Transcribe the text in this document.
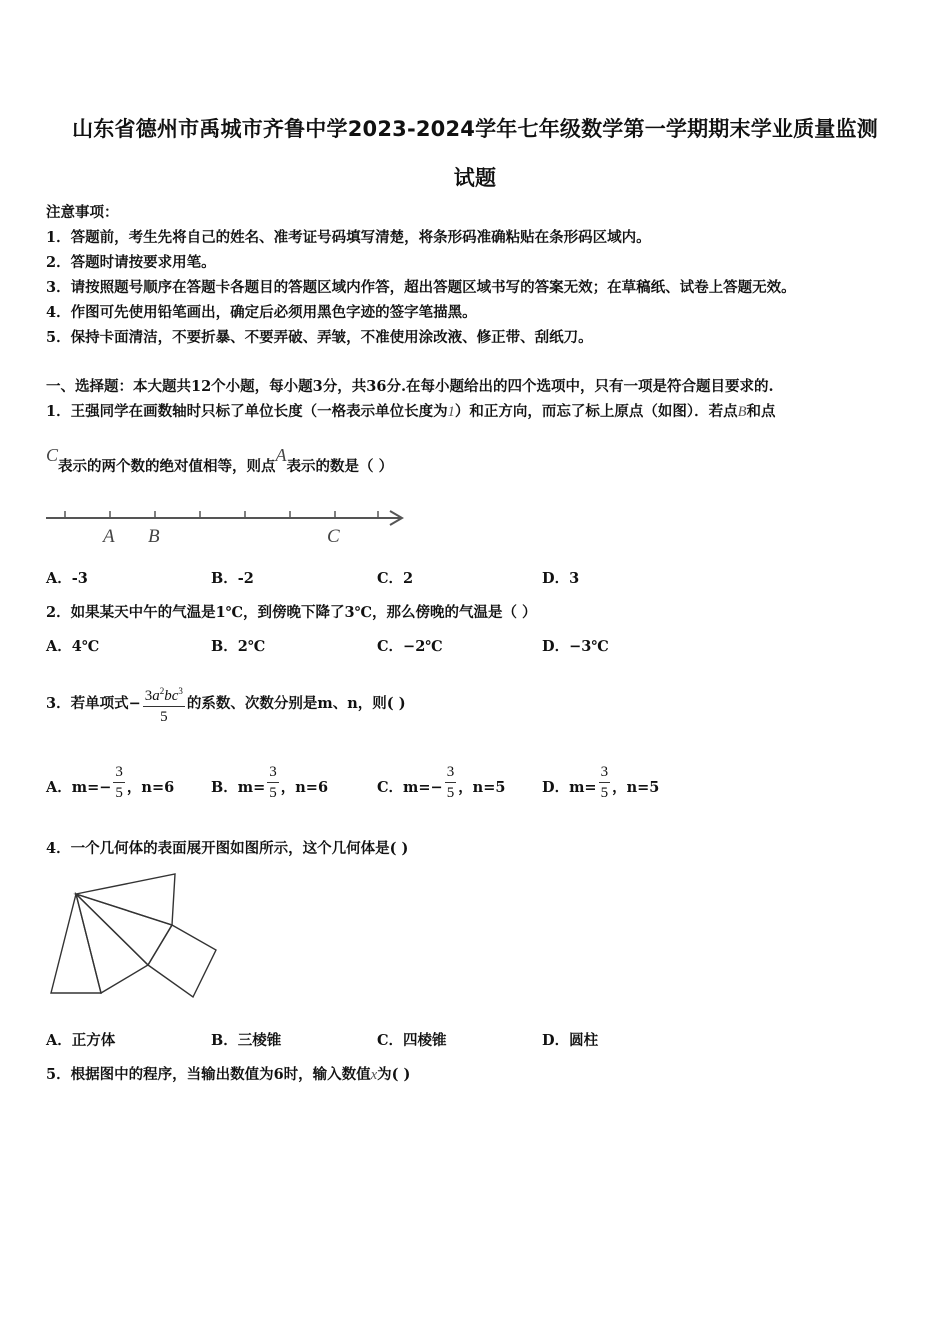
山东省德州市禹城市齐鲁中学2023-2024学年七年级数学第一学期期末学业质量监测
试题
注意事项：
1．答题前，考生先将自己的姓名、准考证号码填写清楚，将条形码准确粘贴在条形码区域内。
2．答题时请按要求用笔。
3．请按照题号顺序在答题卡各题目的答题区域内作答，超出答题区域书写的答案无效；在草稿纸、试卷上答题无效。
4．作图可先使用铅笔画出，确定后必须用黑色字迹的签字笔描黑。
5．保持卡面清洁，不要折暴、不要弄破、弄皱，不准使用涂改液、修正带、刮纸刀。
一、选择题：本大题共12个小题，每小题3分，共36分.在每小题给出的四个选项中，只有一项是符合题目要求的.
1．王强同学在画数轴时只标了单位长度（一格表示单位长度为1）和正方向，而忘了标上原点（如图）．若点B和点
C表示的两个数的绝对值相等，则点A表示的数是（ ）
A B	C
A．-3	B．-2	C．2	D．3
2．如果某天中午的气温是1℃，到傍晚下降了3℃，那么傍晚的气温是（ ）
A．4℃	B．2℃	C．−2℃	D．−3℃
3．若单项式− $\frac{3a^2bc^3}{5}$ 的系数、次数分别是m、n，则( )
A．$m=- \frac{3}{5}$ ，n=6	B．$m= \frac{3}{5}$ ，n=6	C．$m=- \frac{3}{5}$ ，n=5	D．$m= \frac{3}{5}$ ，n=5
4．一个几何体的表面展开图如图所示，这个几何体是( )
A．正方体	B．三棱锥	C．四棱锥	D．圆柱
5．根据图中的程序，当输出数值为6时，输入数值x为( )
